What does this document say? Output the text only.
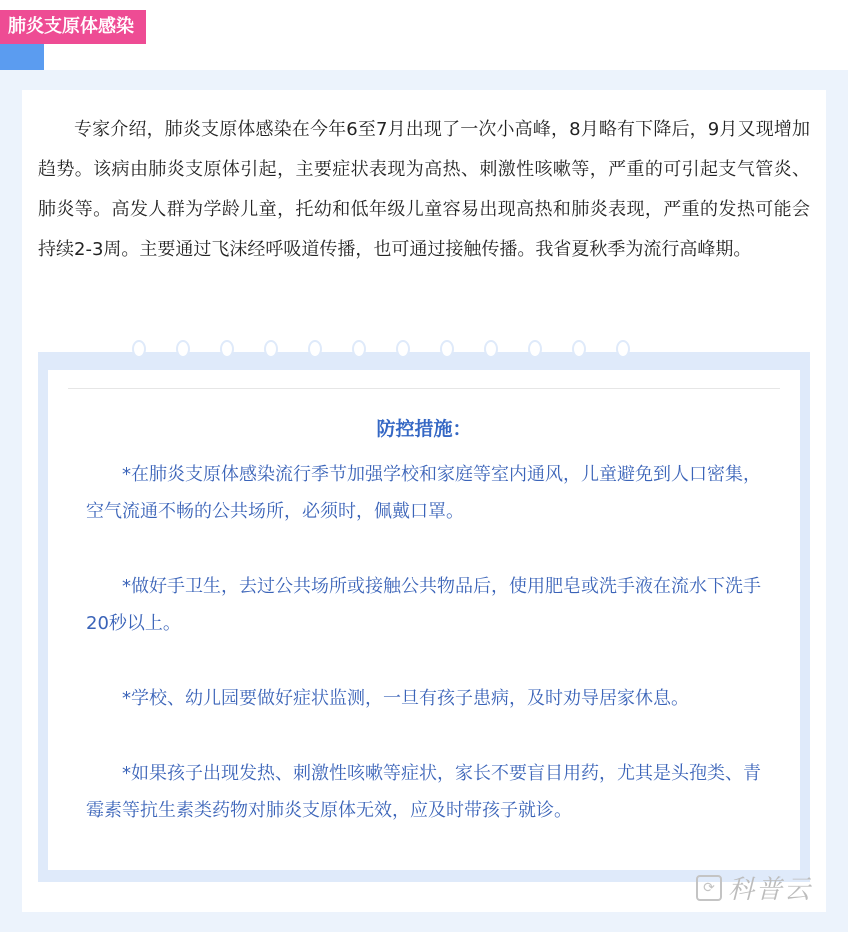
肺炎支原体感染

专家介绍，肺炎支原体感染在今年6至7月出现了一次小高峰，8月略有下降后，9月又现增加趋势。该病由肺炎支原体引起，主要症状表现为高热、刺激性咳嗽等，严重的可引起支气管炎、肺炎等。高发人群为学龄儿童，托幼和低年级儿童容易出现高热和肺炎表现，严重的发热可能会持续2-3周。主要通过飞沫经呼吸道传播，也可通过接触传播。我省夏秋季为流行高峰期。

防控措施：

*在肺炎支原体感染流行季节加强学校和家庭等室内通风，儿童避免到人口密集，空气流通不畅的公共场所，必须时，佩戴口罩。

*做好手卫生，去过公共场所或接触公共物品后，使用肥皂或洗手液在流水下洗手20秒以上。

*学校、幼儿园要做好症状监测，一旦有孩子患病，及时劝导居家休息。

*如果孩子出现发热、刺激性咳嗽等症状，家长不要盲目用药，尤其是头孢类、青霉素等抗生素类药物对肺炎支原体无效，应及时带孩子就诊。

⟳ 科普云
